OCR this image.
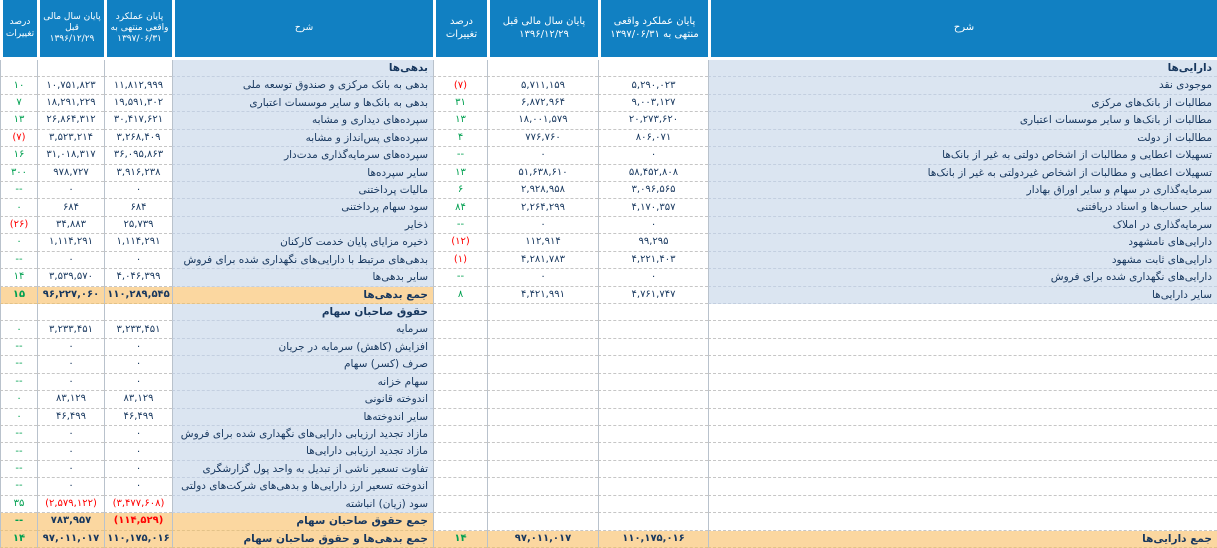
شرح
پایان عملکرد واقعی منتهی به ۱۳۹۷/۰۶/۳۱
پایان سال مالی قبل ۱۳۹۶/۱۲/۲۹
درصد تغییرات
دارایی‌ها
موجودی نقد
۵,۲۹۰,۰۲۳
۵,۷۱۱,۱۵۹
(۷)
مطالبات از بانک‌های مرکزی
۹,۰۰۳,۱۲۷
۶,۸۷۲,۹۶۴
۳۱
مطالبات از بانک‌ها و سایر موسسات اعتباری
۲۰,۲۷۳,۶۲۰
۱۸,۰۰۱,۵۷۹
۱۳
مطالبات از دولت
۸۰۶,۰۷۱
۷۷۶,۷۶۰
۴
تسهیلات اعطایی و مطالبات از اشخاص دولتی به غیر از بانک‌ها
۰
۰
--
تسهیلات اعطایی و مطالبات از اشخاص غیردولتی به غیر از بانک‌ها
۵۸,۴۵۲,۸۰۸
۵۱,۶۳۸,۶۱۰
۱۳
سرمایه‌گذاری در سهام و سایر اوراق بهادار
۳,۰۹۶,۵۶۵
۲,۹۲۸,۹۵۸
۶
سایر حساب‌ها و اسناد دریافتنی
۴,۱۷۰,۳۵۷
۲,۲۶۴,۲۹۹
۸۴
سرمایه‌گذاری در املاک
۰
۰
--
دارایی‌های نامشهود
۹۹,۲۹۵
۱۱۲,۹۱۴
(۱۲)
دارایی‌های ثابت مشهود
۴,۲۲۱,۴۰۳
۴,۲۸۱,۷۸۳
(۱)
دارایی‌های نگهداری شده برای فروش
۰
۰
--
سایر دارایی‌ها
۴,۷۶۱,۷۴۷
۴,۴۲۱,۹۹۱
۸
جمع دارایی‌ها
۱۱۰,۱۷۵,۰۱۶
۹۷,۰۱۱,۰۱۷
۱۴
شرح
پایان عملکرد واقعی منتهی به ۱۳۹۷/۰۶/۳۱
پایان سال مالی قبل ۱۳۹۶/۱۲/۲۹
درصد تغییرات
بدهی‌ها
بدهی به بانک مرکزی و صندوق توسعه ملی
۱۱,۸۱۲,۹۹۹
۱۰,۷۵۱,۸۲۳
۱۰
بدهی به بانک‌ها و سایر موسسات اعتباری
۱۹,۵۹۱,۳۰۲
۱۸,۲۹۱,۲۲۹
۷
سپرده‌های دیداری و مشابه
۳۰,۴۱۷,۶۲۱
۲۶,۸۶۴,۳۱۲
۱۳
سپرده‌های پس‌انداز و مشابه
۳,۲۶۸,۴۰۹
۳,۵۲۳,۲۱۴
(۷)
سپرده‌های سرمایه‌گذاری مدت‌دار
۳۶,۰۹۵,۸۶۳
۳۱,۰۱۸,۳۱۷
۱۶
سایر سپرده‌ها
۳,۹۱۶,۲۳۸
۹۷۸,۷۲۷
۳۰۰
مالیات پرداختنی
۰
۰
--
سود سهام پرداختنی
۶۸۴
۶۸۴
۰
ذخایر
۲۵,۷۳۹
۳۴,۸۸۳
(۲۶)
ذخیره مزایای پایان خدمت کارکنان
۱,۱۱۴,۲۹۱
۱,۱۱۴,۲۹۱
۰
بدهی‌های مرتبط با دارایی‌های نگهداری شده برای فروش
۰
۰
--
سایر بدهی‌ها
۴,۰۴۶,۳۹۹
۳,۵۳۹,۵۷۰
۱۴
جمع بدهی‌ها
۱۱۰,۲۸۹,۵۴۵
۹۶,۲۲۷,۰۶۰
۱۵
حقوق صاحبان سهام
سرمایه
۳,۲۳۳,۴۵۱
۳,۲۳۳,۴۵۱
۰
افزایش (کاهش) سرمایه در جریان
۰
۰
--
صرف (کسر) سهام
۰
۰
--
سهام خزانه
۰
۰
--
اندوخته قانونی
۸۳,۱۲۹
۸۳,۱۲۹
۰
سایر اندوخته‌ها
۴۶,۴۹۹
۴۶,۴۹۹
۰
مازاد تجدید ارزیابی دارایی‌های نگهداری شده برای فروش
۰
۰
--
مازاد تجدید ارزیابی دارایی‌ها
۰
۰
--
تفاوت تسعیر ناشی از تبدیل به واحد پول گزارشگری
۰
۰
--
اندوخته تسعیر ارز دارایی‌ها و بدهی‌های شرکت‌های دولتی
۰
۰
--
سود (زیان) انباشته
(۳,۴۷۷,۶۰۸)
(۲,۵۷۹,۱۲۲)
۳۵
جمع حقوق صاحبان سهام
(۱۱۴,۵۲۹)
۷۸۳,۹۵۷
--
جمع بدهی‌ها و حقوق صاحبان سهام
۱۱۰,۱۷۵,۰۱۶
۹۷,۰۱۱,۰۱۷
۱۴
